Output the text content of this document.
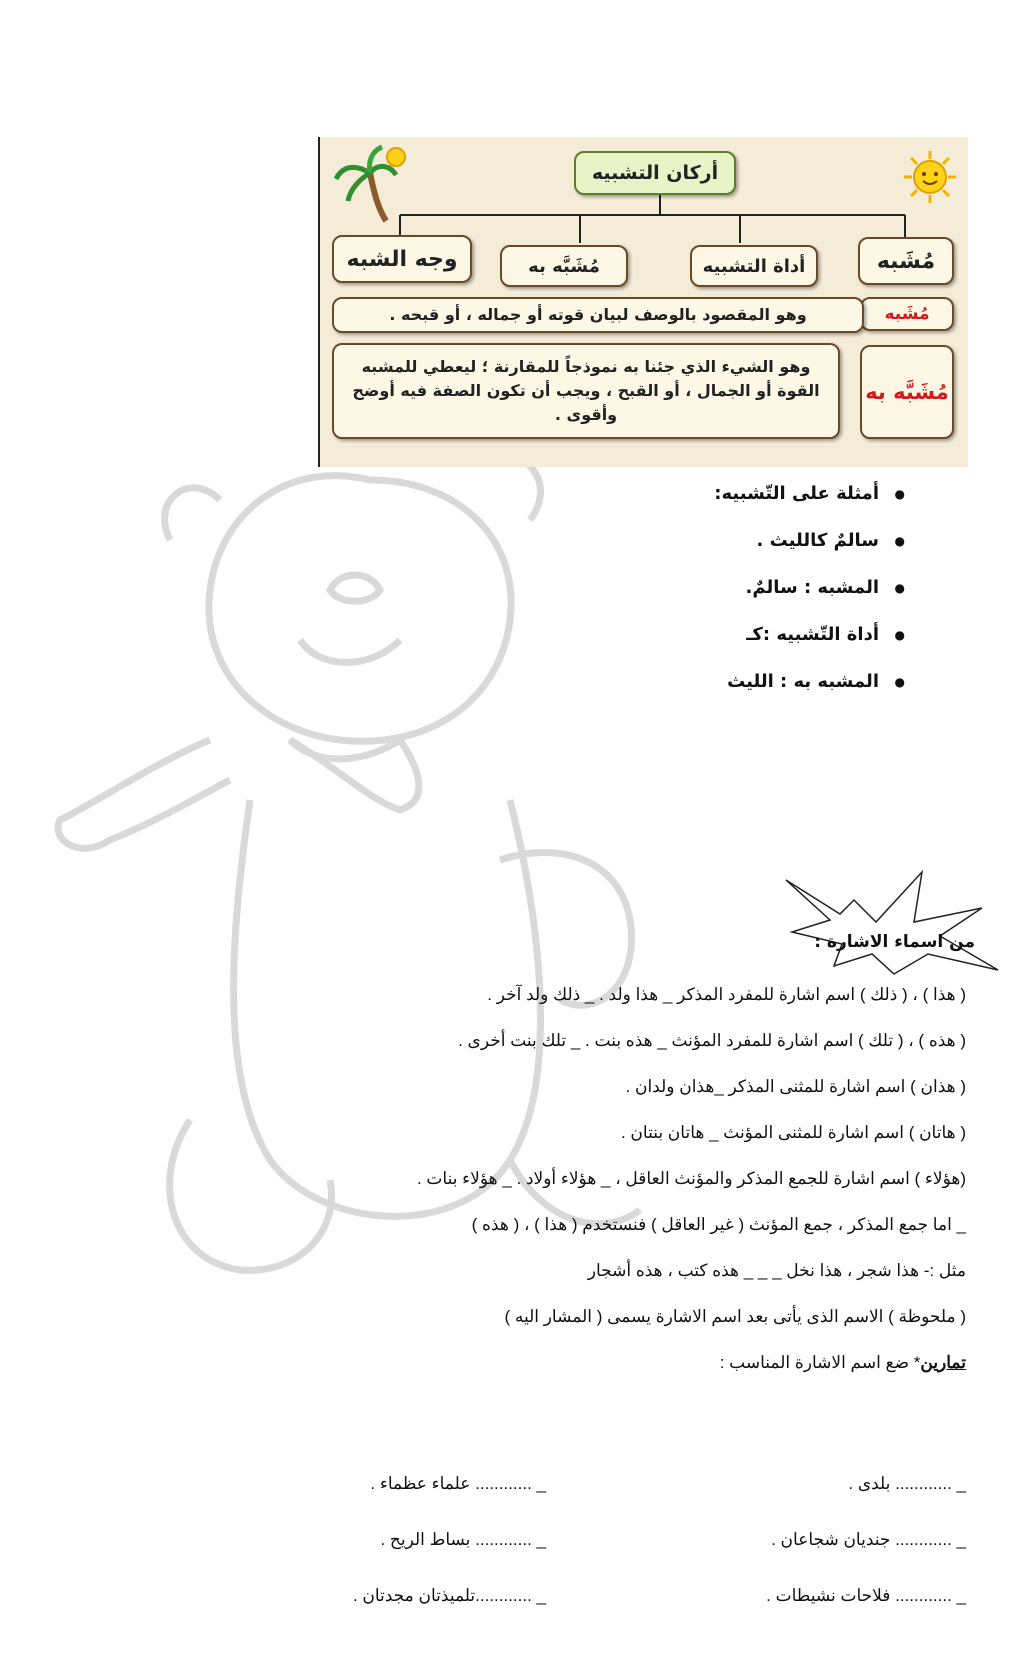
أركان التشبيه
مُشَبه
أداة التشبيه
مُشَبَّه به
وجه الشبه
مُشَبه
وهو المقصود بالوصف لبيان قوته أو جماله ، أو قبحه .
مُشَبَّه به
وهو الشيء الذي جئنا به نموذجاً للمقارنة ؛ ليعطي للمشبه القوة أو الجمال ، أو القبح ، ويجب أن تكون الصفة فيه أوضح وأقوى .
● أمثلة على التّشبيه:
● سالمٌ كالليث .
● المشبه : سالمٌ.
● أداة التّشبيه :كـ
● المشبه به : الليث
من اسماء الاشارة :
( هذا ) ، ( ذلك ) اسم اشارة للمفرد المذكر _ هذا ولد . _ ذلك ولد آخر .
( هذه ) ، ( تلك ) اسم اشارة للمفرد المؤنث _ هذه بنت . _ تلك بنت أخرى .
( هذان ) اسم اشارة للمثنى المذكر _هذان ولدان .
( هاتان ) اسم اشارة للمثنى المؤنث _ هاتان بنتان .
(هؤلاء ) اسم اشارة للجمع المذكر والمؤنث العاقل ، _ هؤلاء أولاد . _ هؤلاء بنات .
_ اما جمع المذكر ، جمع المؤنث ( غير العاقل ) فنستخدم ( هذا ) ، ( هذه )
مثل :- هذا شجر ، هذا نخل _ _ _ هذه كتب ، هذه أشجار
( ملحوظة ) الاسم الذى يأتى بعد اسم الاشارة يسمى ( المشار اليه )
تمارين* ضع اسم الاشارة المناسب :
_ ............ بلدى .
_ ............ علماء عظماء .
_ ............ جنديان شجاعان .
_ ............ بساط الريح .
_ ............ فلاحات نشيطات .
_ ............تلميذتان مجدتان .
